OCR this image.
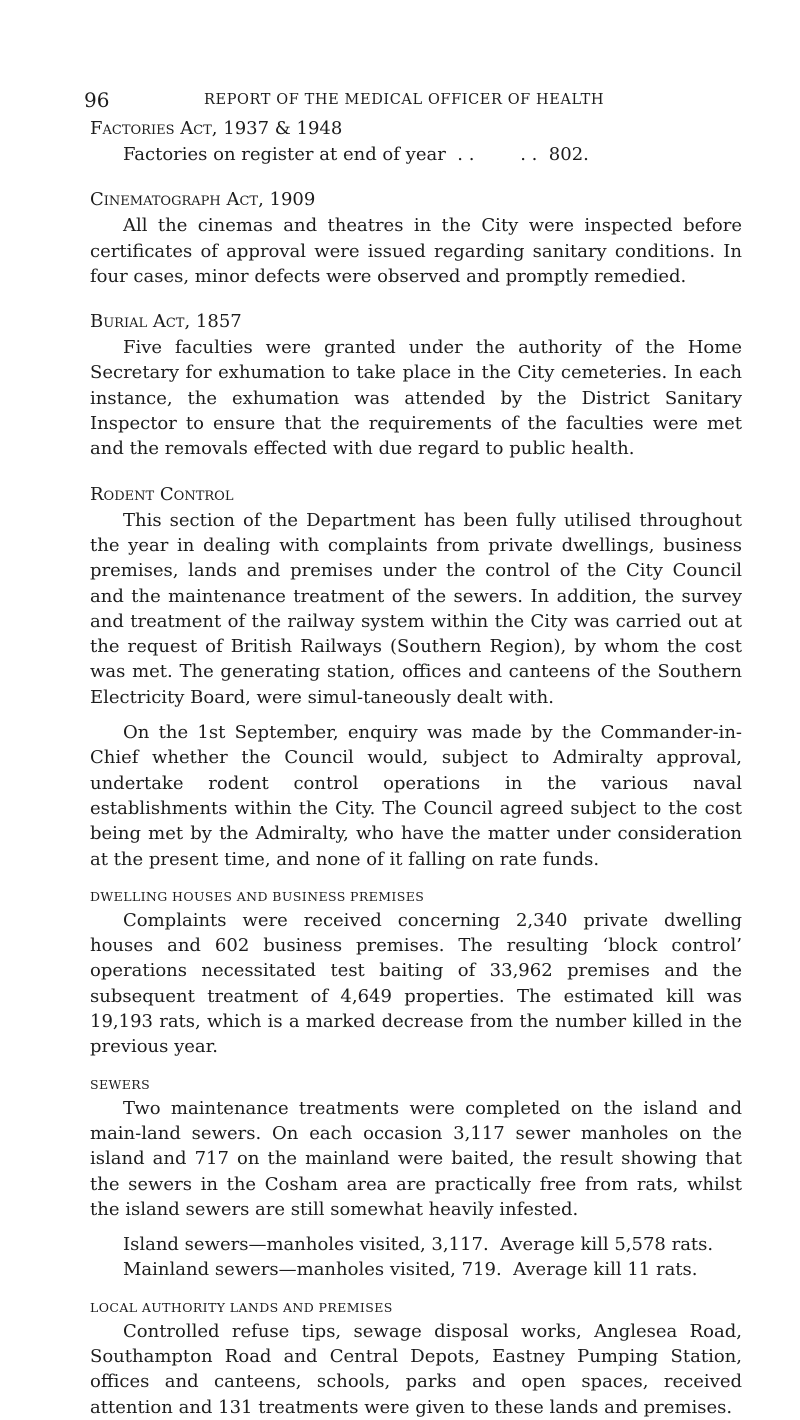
96	REPORT OF THE MEDICAL OFFICER OF HEALTH
Factories Act, 1937 & 1948
Factories on register at end of year  . .        . .  802.
Cinematograph Act, 1909

All the cinemas and theatres in the City were inspected before certificates of approval were issued regarding sanitary conditions. In four cases, minor defects were observed and promptly remedied.

Burial Act, 1857

Five faculties were granted under the authority of the Home Secretary for exhumation to take place in the City cemeteries. In each instance, the exhumation was attended by the District Sanitary Inspector to ensure that the requirements of the faculties were met and the removals effected with due regard to public health.

Rodent Control

This section of the Department has been fully utilised throughout the year in dealing with complaints from private dwellings, business premises, lands and premises under the control of the City Council and the maintenance treatment of the sewers. In addition, the survey and treatment of the railway system within the City was carried out at the request of British Railways (Southern Region), by whom the cost was met. The generating station, offices and canteens of the Southern Electricity Board, were simul-taneously dealt with.

On the 1st September, enquiry was made by the Commander-in-Chief whether the Council would, subject to Admiralty approval, undertake rodent control operations in the various naval establishments within the City. The Council agreed subject to the cost being met by the Admiralty, who have the matter under consideration at the present time, and none of it falling on rate funds.

DWELLING HOUSES AND BUSINESS PREMISES

Complaints were received concerning 2,340 private dwelling houses and 602 business premises. The resulting ‘block control’ operations necessitated test baiting of 33,962 premises and the subsequent treatment of 4,649 properties. The estimated kill was 19,193 rats, which is a marked decrease from the number killed in the previous year.

SEWERS

Two maintenance treatments were completed on the island and main-land sewers. On each occasion 3,117 sewer manholes on the island and 717 on the mainland were baited, the result showing that the sewers in the Cosham area are practically free from rats, whilst the island sewers are still somewhat heavily infested.

Island sewers—manholes visited, 3,117.  Average kill 5,578 rats.
Mainland sewers—manholes visited, 719.  Average kill 11 rats.
LOCAL AUTHORITY LANDS AND PREMISES

Controlled refuse tips, sewage disposal works, Anglesea Road, Southampton Road and Central Depots, Eastney Pumping Station, offices and canteens, schools, parks and open spaces, received attention and 131 treatments were given to these lands and premises.
